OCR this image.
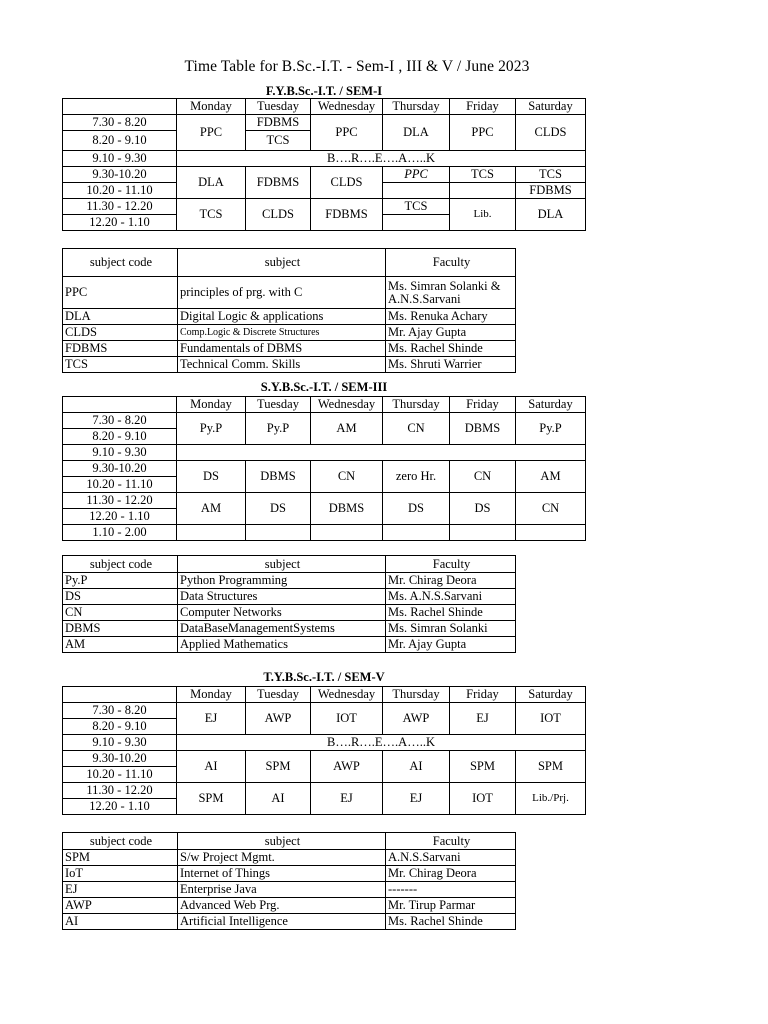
Time Table for B.Sc.-I.T. - Sem-I , III & V / June 2023
F.Y.B.Sc.-I.T. / SEM-I
	Monday	Tuesday	Wednesday	Thursday	Friday	Saturday
7.30 - 8.20	PPC	FDBMS	PPC	DLA	PPC	CLDS
8.20 - 9.10		TCS				
9.10 - 9.30	B….R….E….A…..K					
9.30-10.20	DLA	FDBMS	CLDS	PPC	TCS	TCS
10.20 - 11.10						FDBMS
11.30 - 12.20	TCS	CLDS	FDBMS	TCS	Lib.	DLA
12.20 - 1.10						
subject code	subject	Faculty
PPC	principles of prg. with C	Ms. Simran Solanki & A.N.S.Sarvani
DLA	Digital Logic & applications	Ms. Renuka Achary
CLDS	Comp.Logic & Discrete Structures	Mr. Ajay Gupta
FDBMS	Fundamentals of DBMS	Ms. Rachel Shinde
TCS	Technical Comm. Skills	Ms. Shruti Warrier
S.Y.B.Sc.-I.T. / SEM-III
	Monday	Tuesday	Wednesday	Thursday	Friday	Saturday
7.30 - 8.20	Py.P	Py.P	AM	CN	DBMS	Py.P
8.20 - 9.10						
9.10 - 9.30						
9.30-10.20	DS	DBMS	CN	zero Hr.	CN	AM
10.20 - 11.10						
11.30 - 12.20	AM	DS	DBMS	DS	DS	CN
12.20 - 1.10						
1.10 - 2.00						
subject code	subject	Faculty
Py.P	Python Programming	Mr. Chirag Deora
DS	Data Structures	Ms. A.N.S.Sarvani
CN	Computer Networks	Ms. Rachel Shinde
DBMS	DataBaseManagementSystems	Ms. Simran Solanki
AM	Applied Mathematics	Mr. Ajay Gupta
T.Y.B.Sc.-I.T. / SEM-V
	Monday	Tuesday	Wednesday	Thursday	Friday	Saturday
7.30 - 8.20	EJ	AWP	IOT	AWP	EJ	IOT
8.20 - 9.10						
9.10 - 9.30	B….R….E….A…..K					
9.30-10.20	AI	SPM	AWP	AI	SPM	SPM
10.20 - 11.10						
11.30 - 12.20	SPM	AI	EJ	EJ	IOT	Lib./Prj.
12.20 - 1.10						
subject code	subject	Faculty
SPM	S/w Project Mgmt.	A.N.S.Sarvani
IoT	Internet of Things	Mr. Chirag Deora
EJ	Enterprise Java	-------
AWP	Advanced Web Prg.	Mr. Tirup Parmar
AI	Artificial Intelligence	Ms. Rachel Shinde
